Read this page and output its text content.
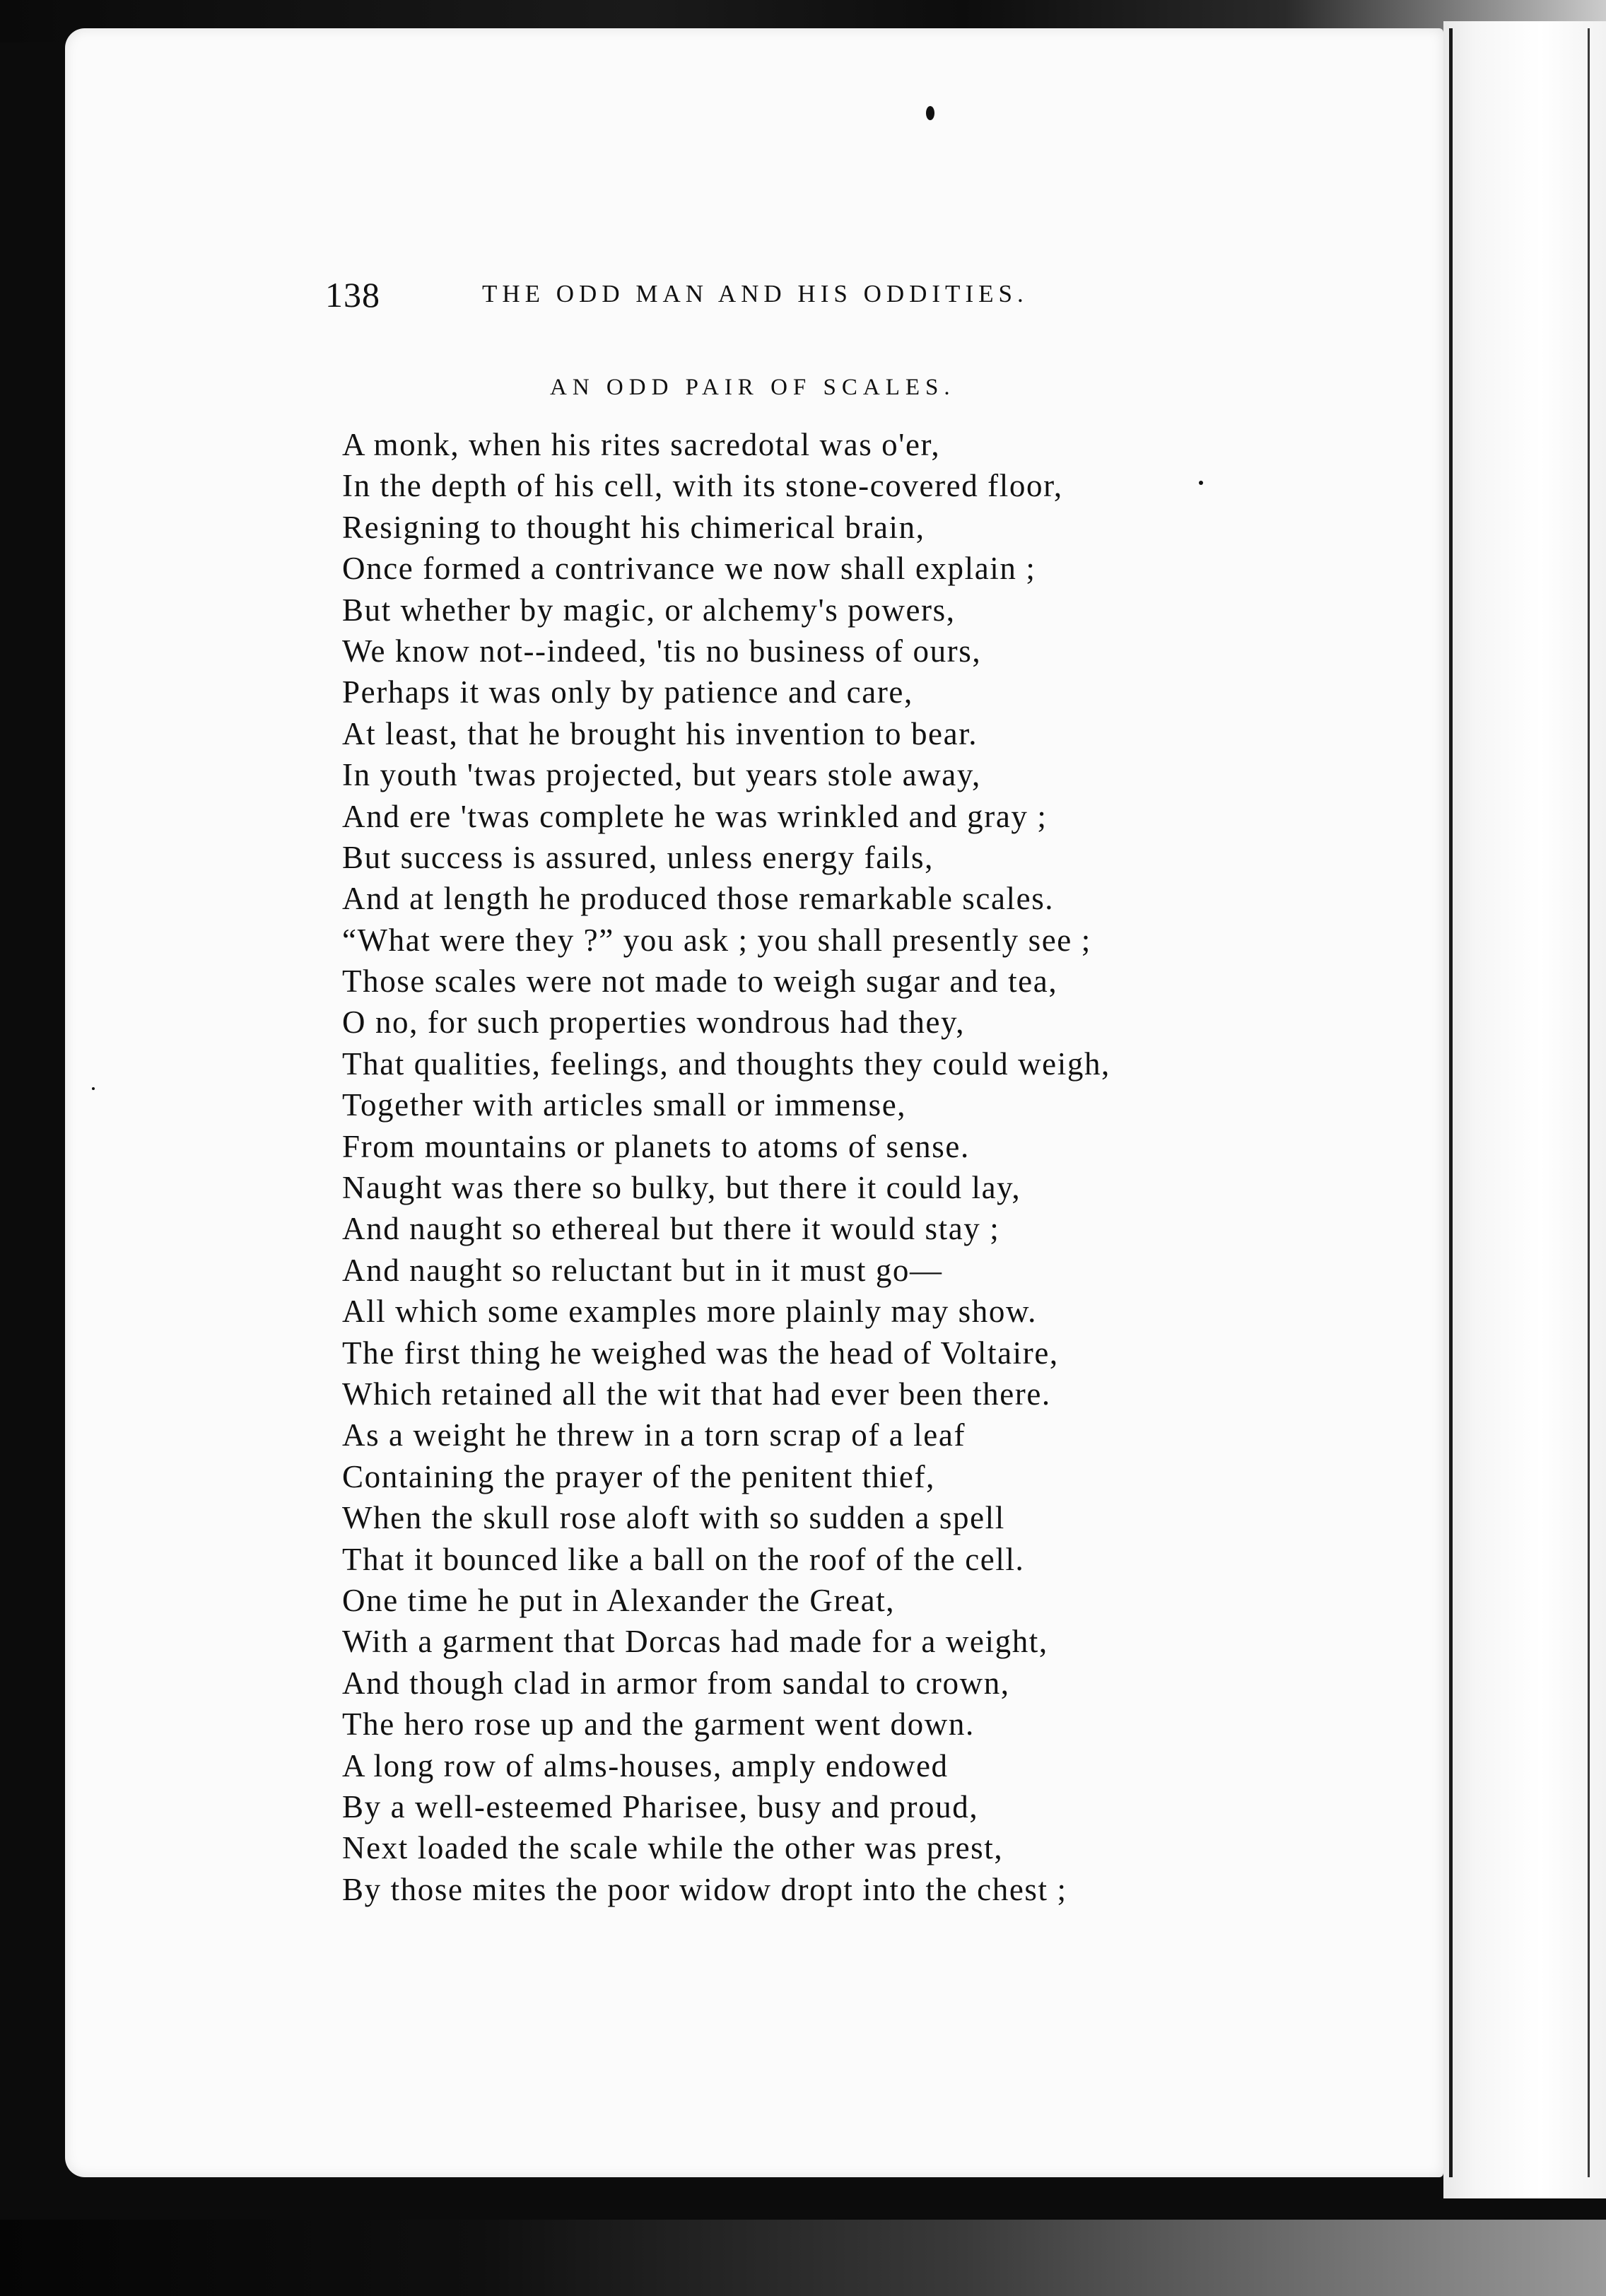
138	THE ODD MAN AND HIS ODDITIES.
AN ODD PAIR OF SCALES.
A monk, when his rites sacredotal was o'er,
In the depth of his cell, with its stone-covered floor,
Resigning to thought his chimerical brain,
Once formed a contrivance we now shall explain ;
But whether by magic, or alchemy's powers,
We know not--indeed, 'tis no business of ours,
Perhaps it was only by patience and care,
At least, that he brought his invention to bear.
In youth 'twas projected, but years stole away,
And ere 'twas complete he was wrinkled and gray ;
But success is assured, unless energy fails,
And at length he produced those remarkable scales.
“What were they ?” you ask ; you shall presently see ;
Those scales were not made to weigh sugar and tea,
O no, for such properties wondrous had they,
That qualities, feelings, and thoughts they could weigh,
Together with articles small or immense,
From mountains or planets to atoms of sense.
Naught was there so bulky, but there it could lay,
And naught so ethereal but there it would stay ;
And naught so reluctant but in it must go—
All which some examples more plainly may show.
The first thing he weighed was the head of Voltaire,
Which retained all the wit that had ever been there.
As a weight he threw in a torn scrap of a leaf
Containing the prayer of the penitent thief,
When the skull rose aloft with so sudden a spell
That it bounced like a ball on the roof of the cell.
One time he put in Alexander the Great,
With a garment that Dorcas had made for a weight,
And though clad in armor from sandal to crown,
The hero rose up and the garment went down.
A long row of alms-houses, amply endowed
By a well-esteemed Pharisee, busy and proud,
Next loaded the scale while the other was prest,
By those mites the poor widow dropt into the chest ;
